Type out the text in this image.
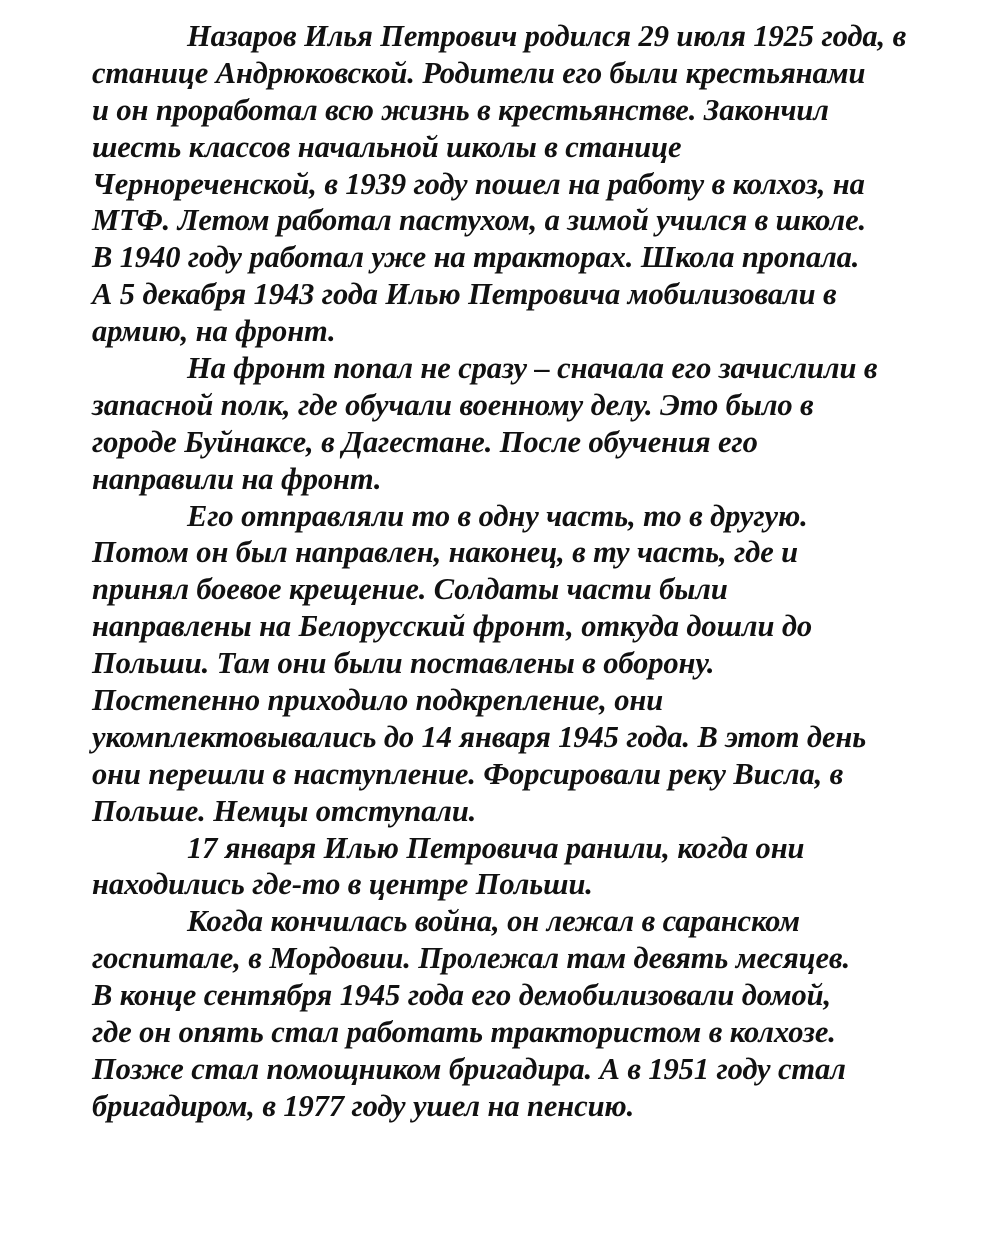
Назаров Илья Петрович родился 29 июля 1925 года, в
станице Андрюковской. Родители его были крестьянами
и он проработал всю жизнь в крестьянстве. Закончил
шесть классов начальной школы в станице
Чернореченской, в 1939 году пошел на работу в колхоз, на
МТФ. Летом работал пастухом, а зимой учился в школе.
В 1940 году работал уже на тракторах. Школа пропала.
А 5 декабря 1943 года Илью Петровича мобилизовали в
армию, на фронт.
На фронт попал не сразу – сначала его зачислили в
запасной полк, где обучали военному делу. Это было в
городе Буйнаксе, в Дагестане. После обучения его
направили на фронт.
Его отправляли то в одну часть, то в другую.
Потом он был направлен, наконец, в ту часть, где и
принял боевое крещение. Солдаты части были
направлены на Белорусский фронт, откуда дошли до
Польши. Там они были поставлены в оборону.
Постепенно приходило подкрепление, они
укомплектовывались до 14 января 1945 года. В этот день
они перешли в наступление. Форсировали реку Висла, в
Польше. Немцы отступали.
17 января Илью Петровича ранили, когда они
находились где-то в центре Польши.
Когда кончилась война, он лежал в саранском
госпитале, в Мордовии. Пролежал там девять месяцев.
В конце сентября 1945 года его демобилизовали домой,
где он опять стал работать трактористом в колхозе.
Позже стал помощником бригадира. А в 1951 году стал
бригадиром, в 1977 году ушел на пенсию.
